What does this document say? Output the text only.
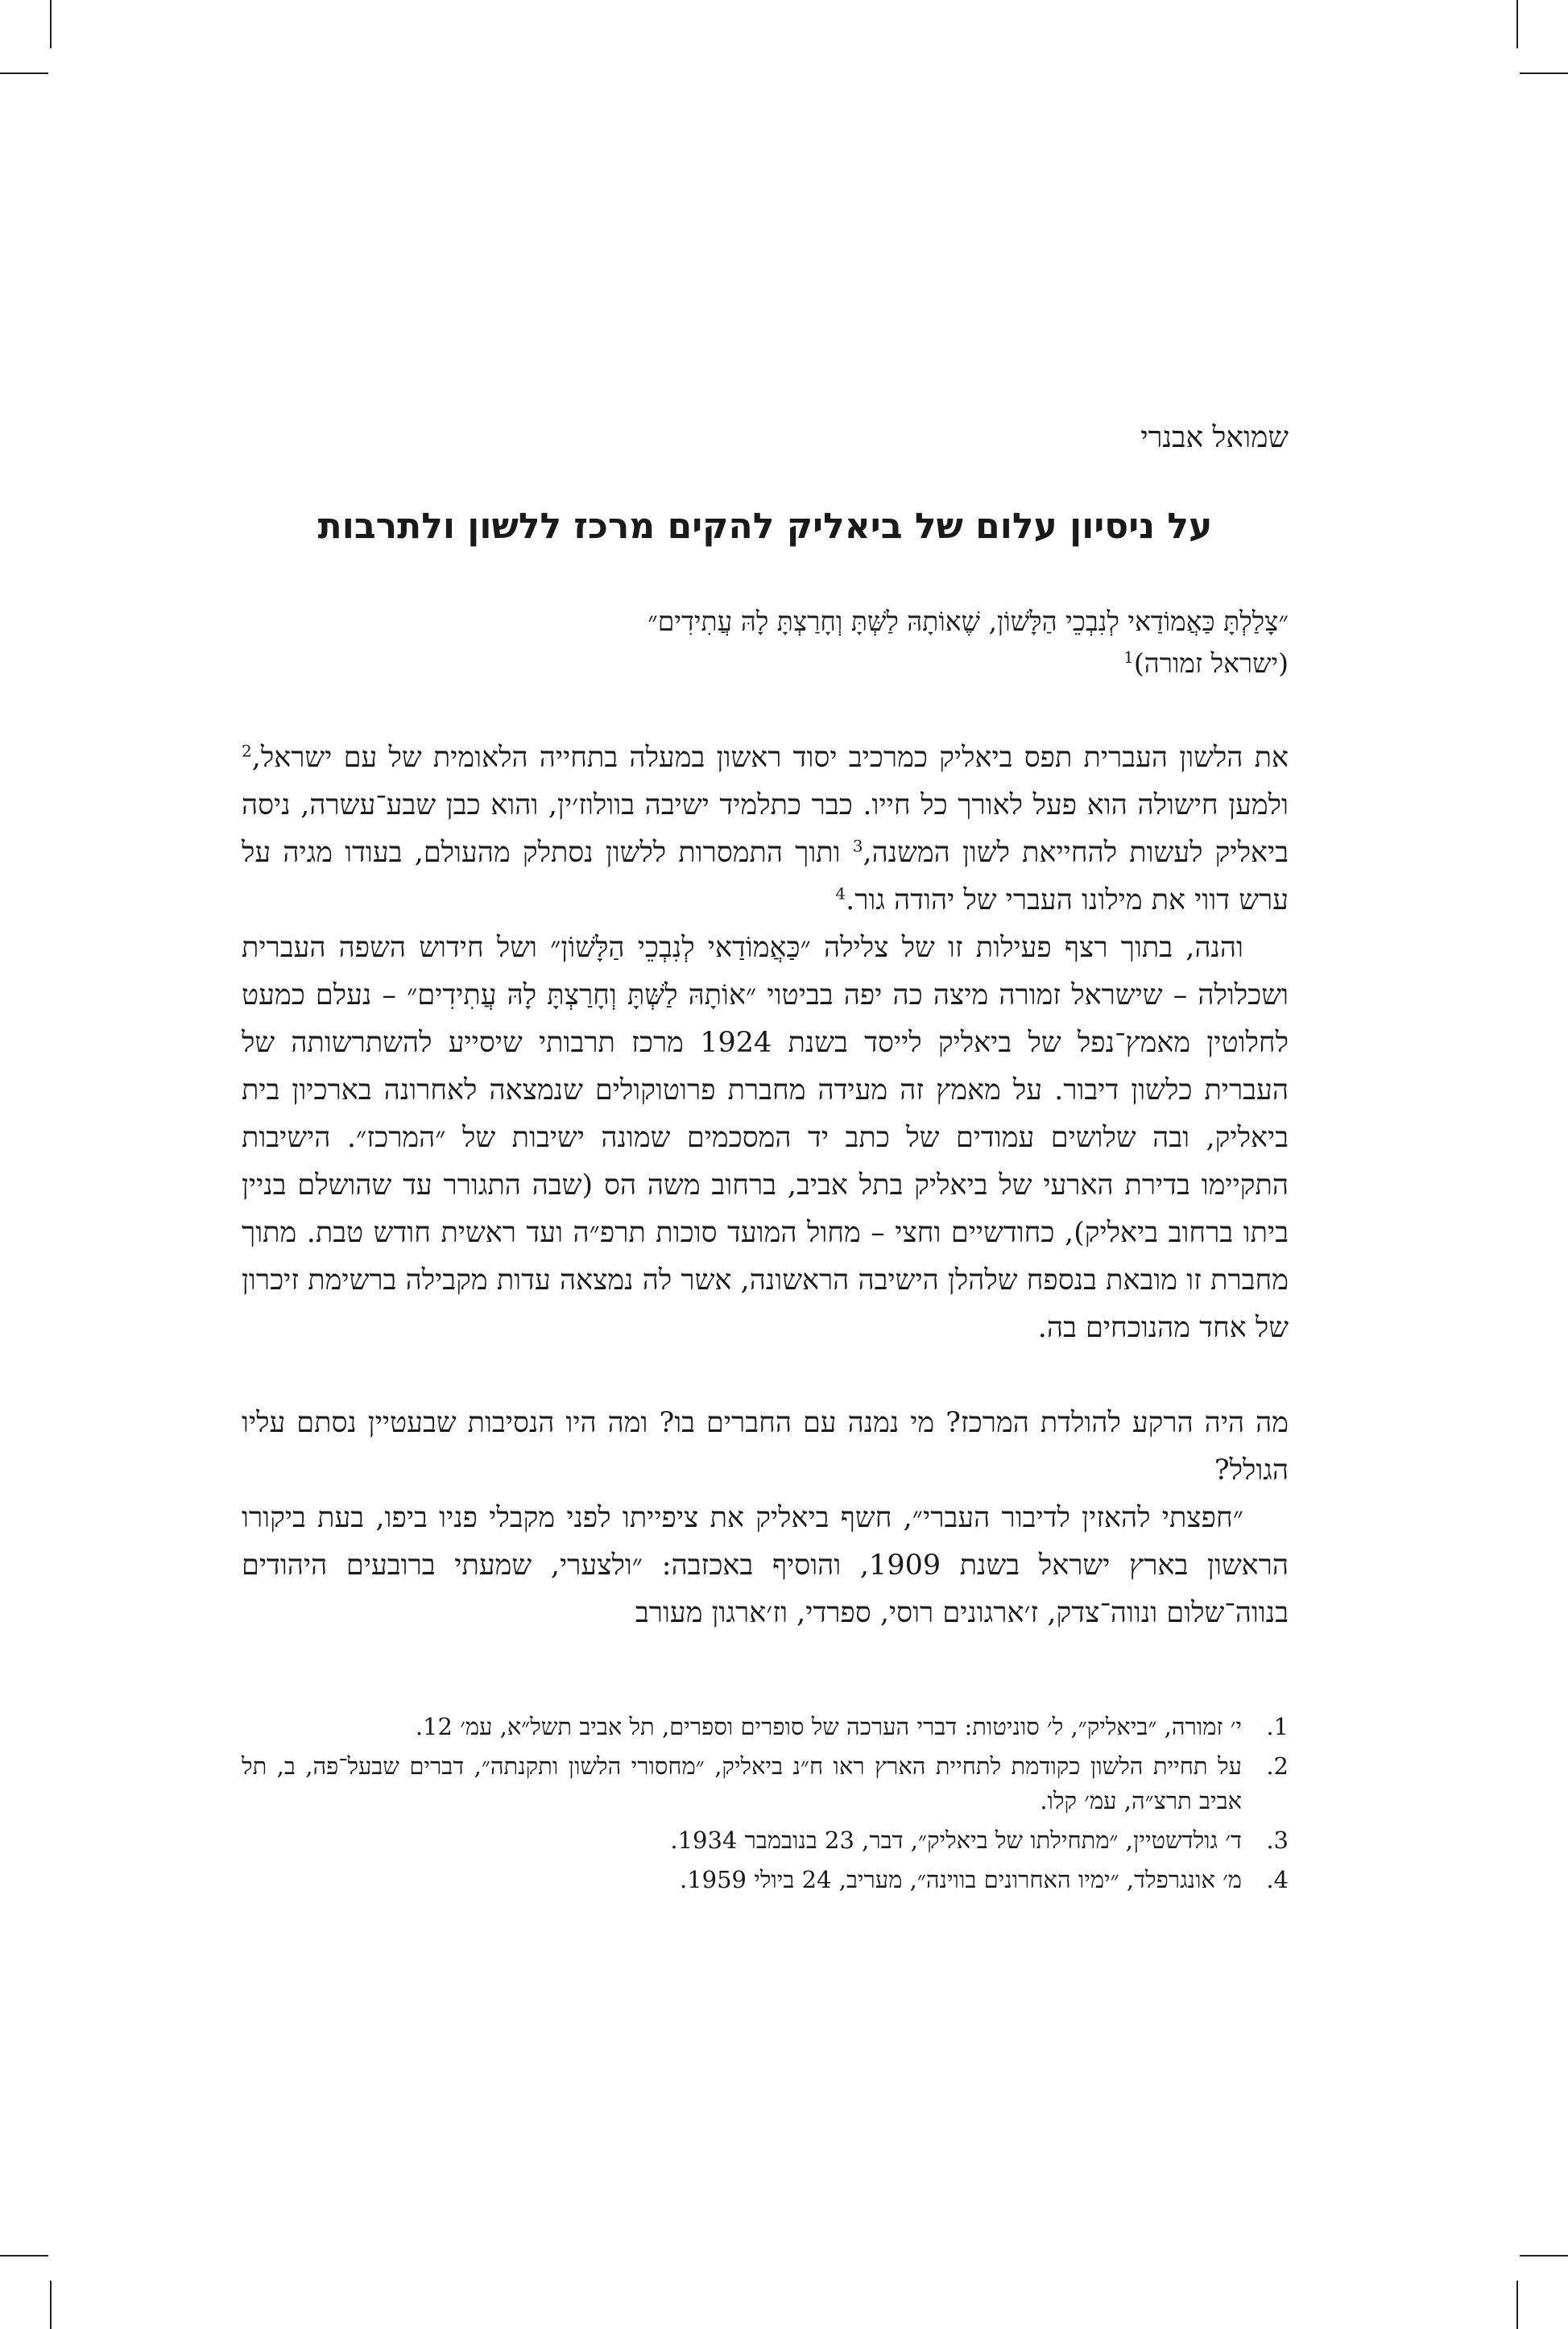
שמואל אבנרי

על ניסיון עלום של ביאליק להקים מרכז ללשון ולתרבות
״צָלַלְתָּ כַּאֲמוֹדַאי לְנִבְכֵי הַלָּשׁוֹן, שֶׁאוֹתָהּ לַשְּׁתָּ וְחָרַצְתָּ לָהּ עֲתִידִים״
(ישראל זמורה)$^1$

את הלשון העברית תפס ביאליק כמרכיב יסוד ראשון במעלה בתחייה הלאומית של עם ישראל,$^2$ ולמען חישולה הוא פעל לאורך כל חייו. כבר כתלמיד ישיבה בוולוז׳ין, והוא כבן שבע־עשרה, ניסה ביאליק לעשות להחייאת לשון המשנה,$^3$ ותוך התמסרות ללשון נסתלק מהעולם, בעודו מגיה על ערש דווי את מילונו העברי של יהודה גור.$^4$

והנה, בתוך רצף פעילות זו של צלילה ״כַּאֲמוֹדַאי לְנִבְכֵי הַלָּשׁוֹן״ ושל חידוש השפה העברית ושכלולה – שישראל זמורה מיצה כה יפה בביטוי ״אוֹתָהּ לַשְּׁתָּ וְחָרַצְתָּ לָהּ עֲתִידִים״ – נעלם כמעט לחלוטין מאמץ־נפל של ביאליק לייסד בשנת 1924 מרכז תרבותי שיסייע להשתרשותה של העברית כלשון דיבור. על מאמץ זה מעידה מחברת פרוטוקולים שנמצאה לאחרונה בארכיון בית ביאליק, ובה שלושים עמודים של כתב יד המסכמים שמונה ישיבות של ״המרכז״. הישיבות התקיימו בדירת הארעי של ביאליק בתל אביב, ברחוב משה הס (שבה התגורר עד שהושלם בניין ביתו ברחוב ביאליק), כחודשיים וחצי – מחול המועד סוכות תרפ״ה ועד ראשית חודש טבת. מתוך מחברת זו מובאת בנספח שלהלן הישיבה הראשונה, אשר לה נמצאה עדות מקבילה ברשימת זיכרון של אחד מהנוכחים בה.

מה היה הרקע להולדת המרכז? מי נמנה עם החברים בו? ומה היו הנסיבות שבעטיין נסתם עליו הגולל?

״חפצתי להאזין לדיבור העברי״, חשף ביאליק את ציפייתו לפני מקבלי פניו ביפו, בעת ביקורו הראשון בארץ ישראל בשנת 1909, והוסיף באכזבה: ״ולצערי, שמעתי ברובעים היהודים בנווה־שלום ונווה־צדק, ז׳ארגונים רוסי, ספרדי, וז׳ארגון מעורב

1.
י׳ זמורה, ״ביאליק״, ל׳ סוניטות: דברי הערכה של סופרים וספרים, תל אביב תשל״א, עמ׳ 12.
2.
על תחיית הלשון כקודמת לתחיית הארץ ראו ח״נ ביאליק, ״מחסורי הלשון ותקנתה״, דברים שבעל־פה, ב, תל אביב תרצ״ה, עמ׳ קלו.
3.
ד׳ גולדשטיין, ״מתחילתו של ביאליק״, דבר, 23 בנובמבר 1934.
4.
מ׳ אונגרפלד, ״ימיו האחרונים בווינה״, מעריב, 24 ביולי 1959.
